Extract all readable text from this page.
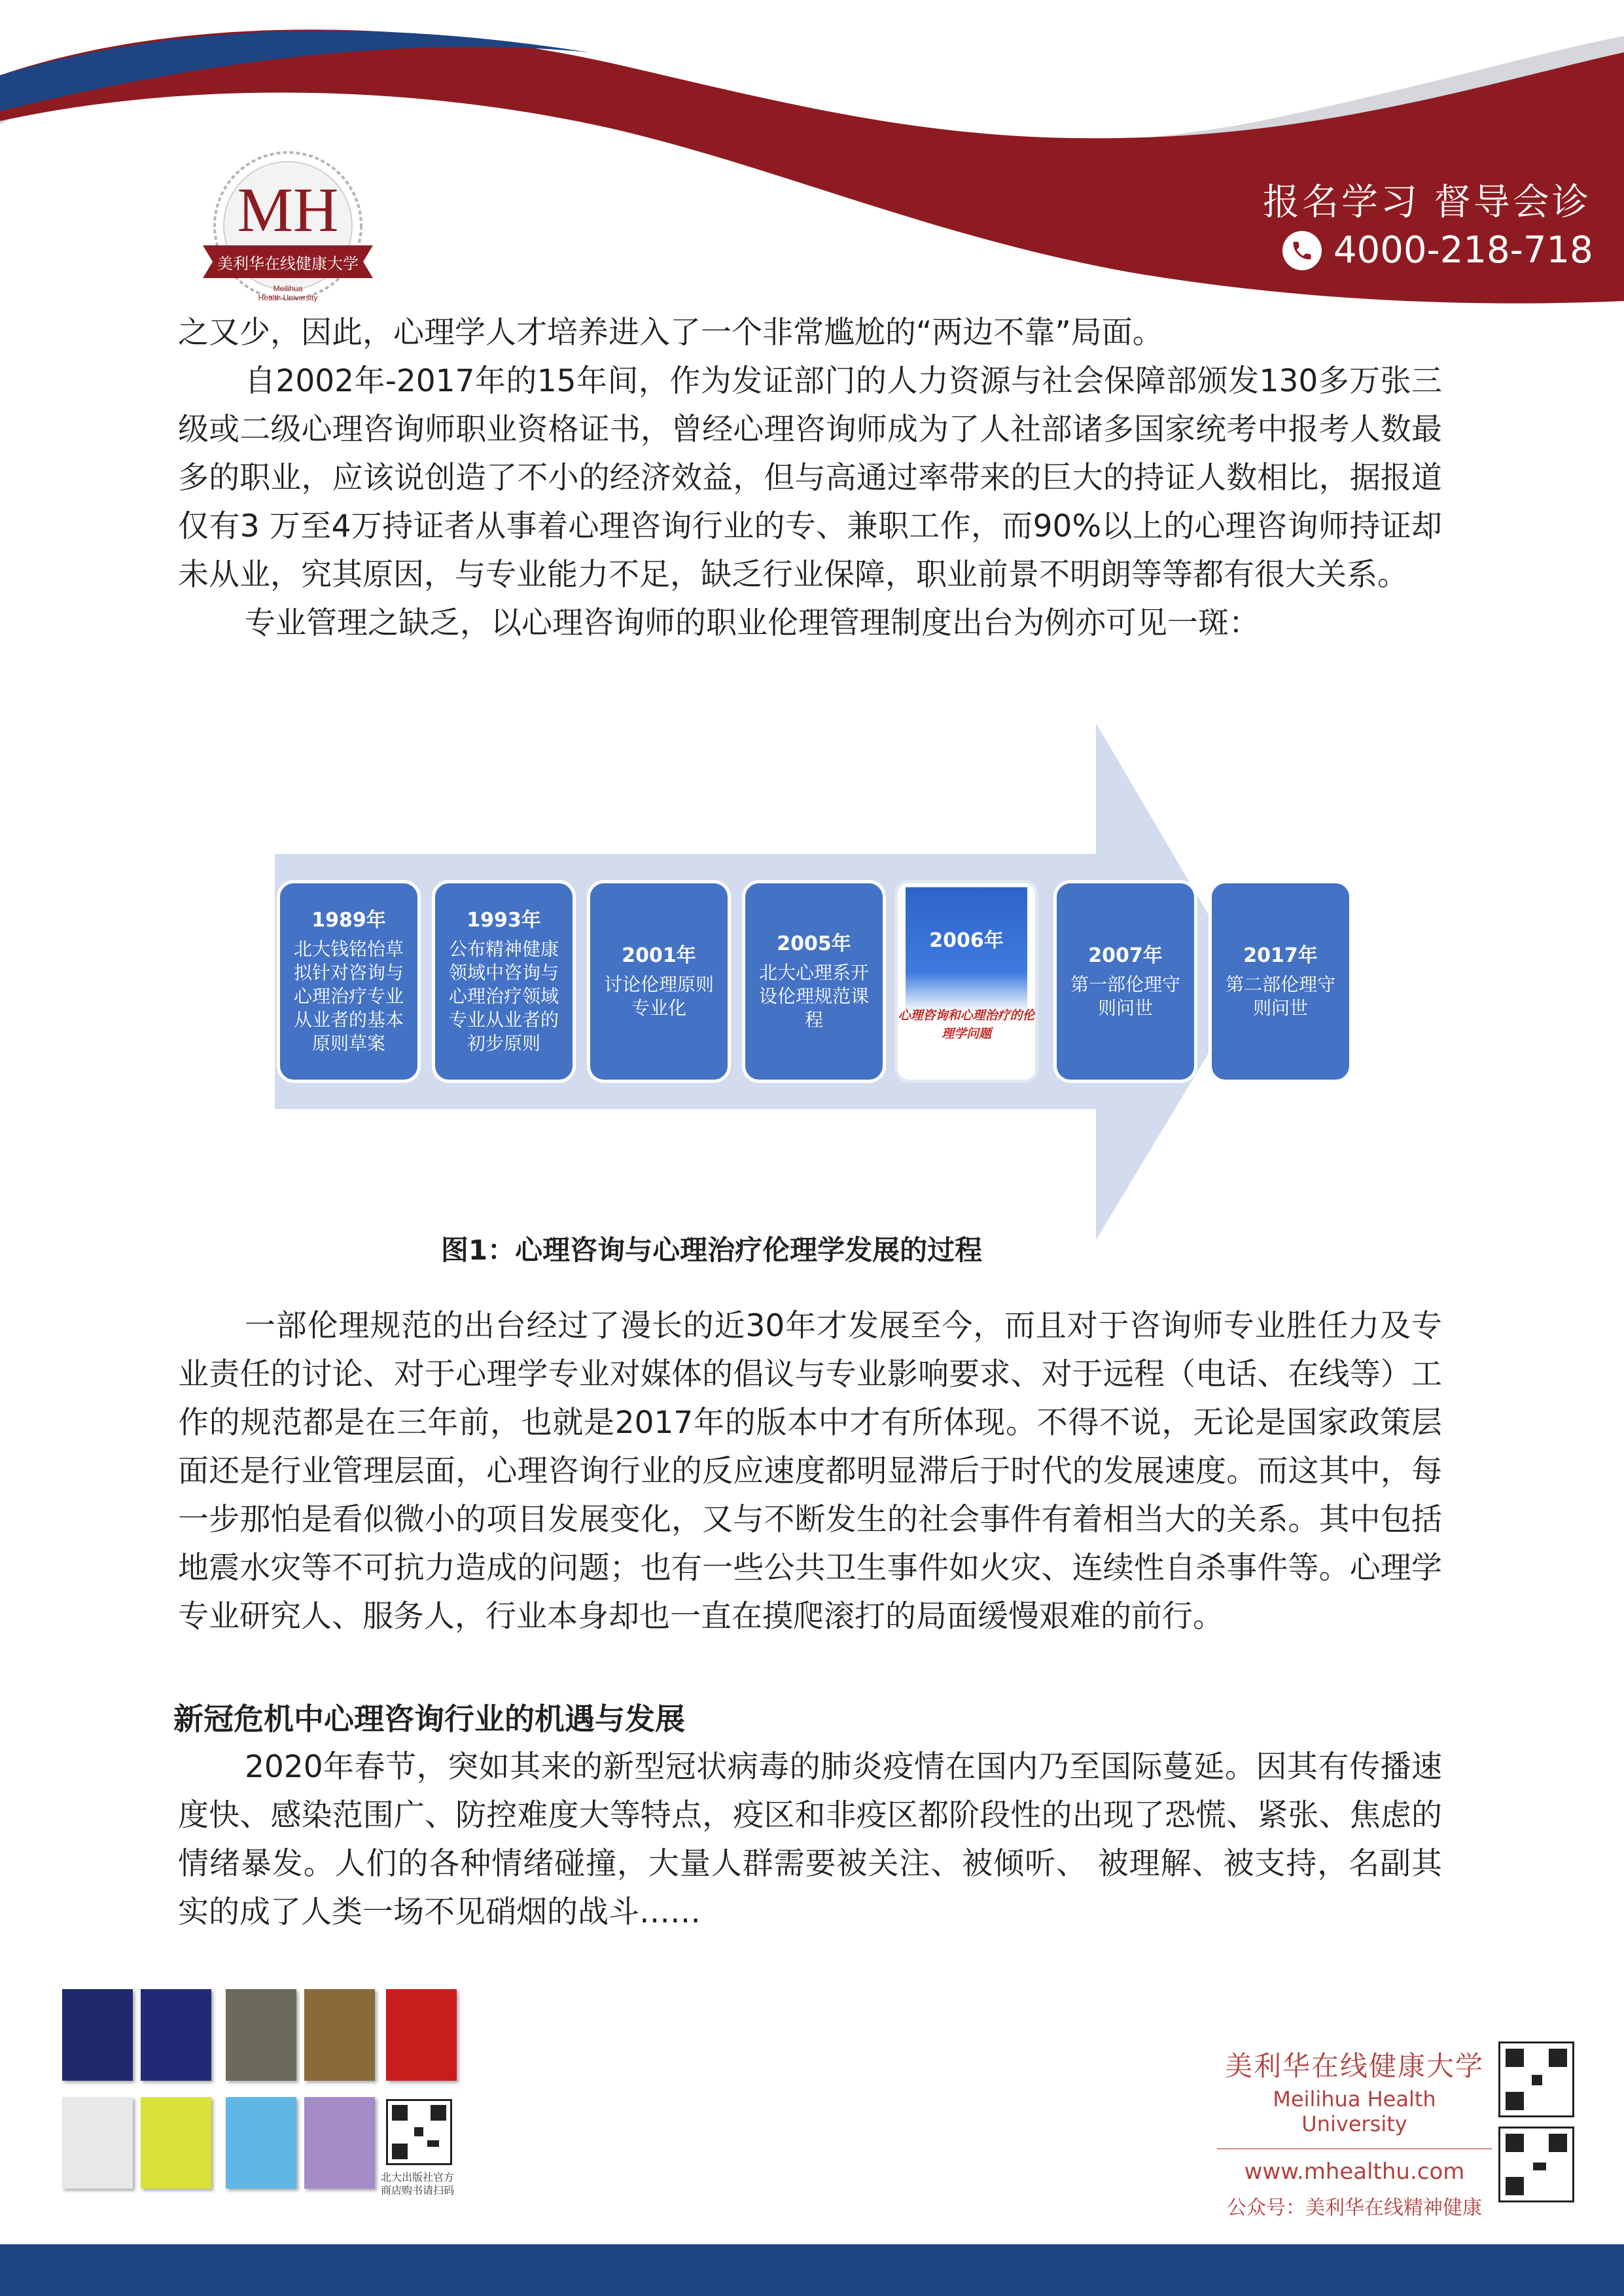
MH
美利华在线健康大学
Meilihua
Health University
报名学习 督导会诊
4000-218-718

之又少，因此，心理学人才培养进入了一个非常尴尬的“两边不靠”局面。

自2002年-2017年的15年间，作为发证部门的人力资源与社会保障部颁发130多万张三级或二级心理咨询师职业资格证书，曾经心理咨询师成为了人社部诸多国家统考中报考人数最多的职业，应该说创造了不小的经济效益，但与高通过率带来的巨大的持证人数相比，据报道仅有3 万至4万持证者从事着心理咨询行业的专、兼职工作，而90%以上的心理咨询师持证却未从业，究其原因，与专业能力不足，缺乏行业保障，职业前景不明朗等等都有很大关系。

专业管理之缺乏，以心理咨询师的职业伦理管理制度出台为例亦可见一斑：

1989年
北大钱铭怡草拟针对咨询与心理治疗专业从业者的基本原则草案
1993年
公布精神健康领域中咨询与心理治疗领域专业从业者的初步原则
2001年
讨论伦理原则专业化
2005年
北大心理系开设伦理规范课程
2006年
心理咨询和心理治疗的伦理学问题
2007年
第一部伦理守则问世
2017年
第二部伦理守则问世
图1：心理咨询与心理治疗伦理学发展的过程

一部伦理规范的出台经过了漫长的近30年才发展至今，而且对于咨询师专业胜任力及专业责任的讨论、对于心理学专业对媒体的倡议与专业影响要求、对于远程（电话、在线等）工作的规范都是在三年前，也就是2017年的版本中才有所体现。不得不说，无论是国家政策层面还是行业管理层面，心理咨询行业的反应速度都明显滞后于时代的发展速度。而这其中，每一步那怕是看似微小的项目发展变化，又与不断发生的社会事件有着相当大的关系。其中包括地震水灾等不可抗力造成的问题；也有一些公共卫生事件如火灾、连续性自杀事件等。心理学专业研究人、服务人，行业本身却也一直在摸爬滚打的局面缓慢艰难的前行。

新冠危机中心理咨询行业的机遇与发展

2020年春节，突如其来的新型冠状病毒的肺炎疫情在国内乃至国际蔓延。因其有传播速度快、感染范围广、防控难度大等特点，疫区和非疫区都阶段性的出现了恐慌、紧张、焦虑的情绪暴发。人们的各种情绪碰撞，大量人群需要被关注、被倾听、 被理解、被支持，名副其实的成了人类一场不见硝烟的战斗……

北大出版社官方商店购书请扫码
美利华在线健康大学
Meilihua Health University
www.mhealthu.com
公众号：美利华在线精神健康
